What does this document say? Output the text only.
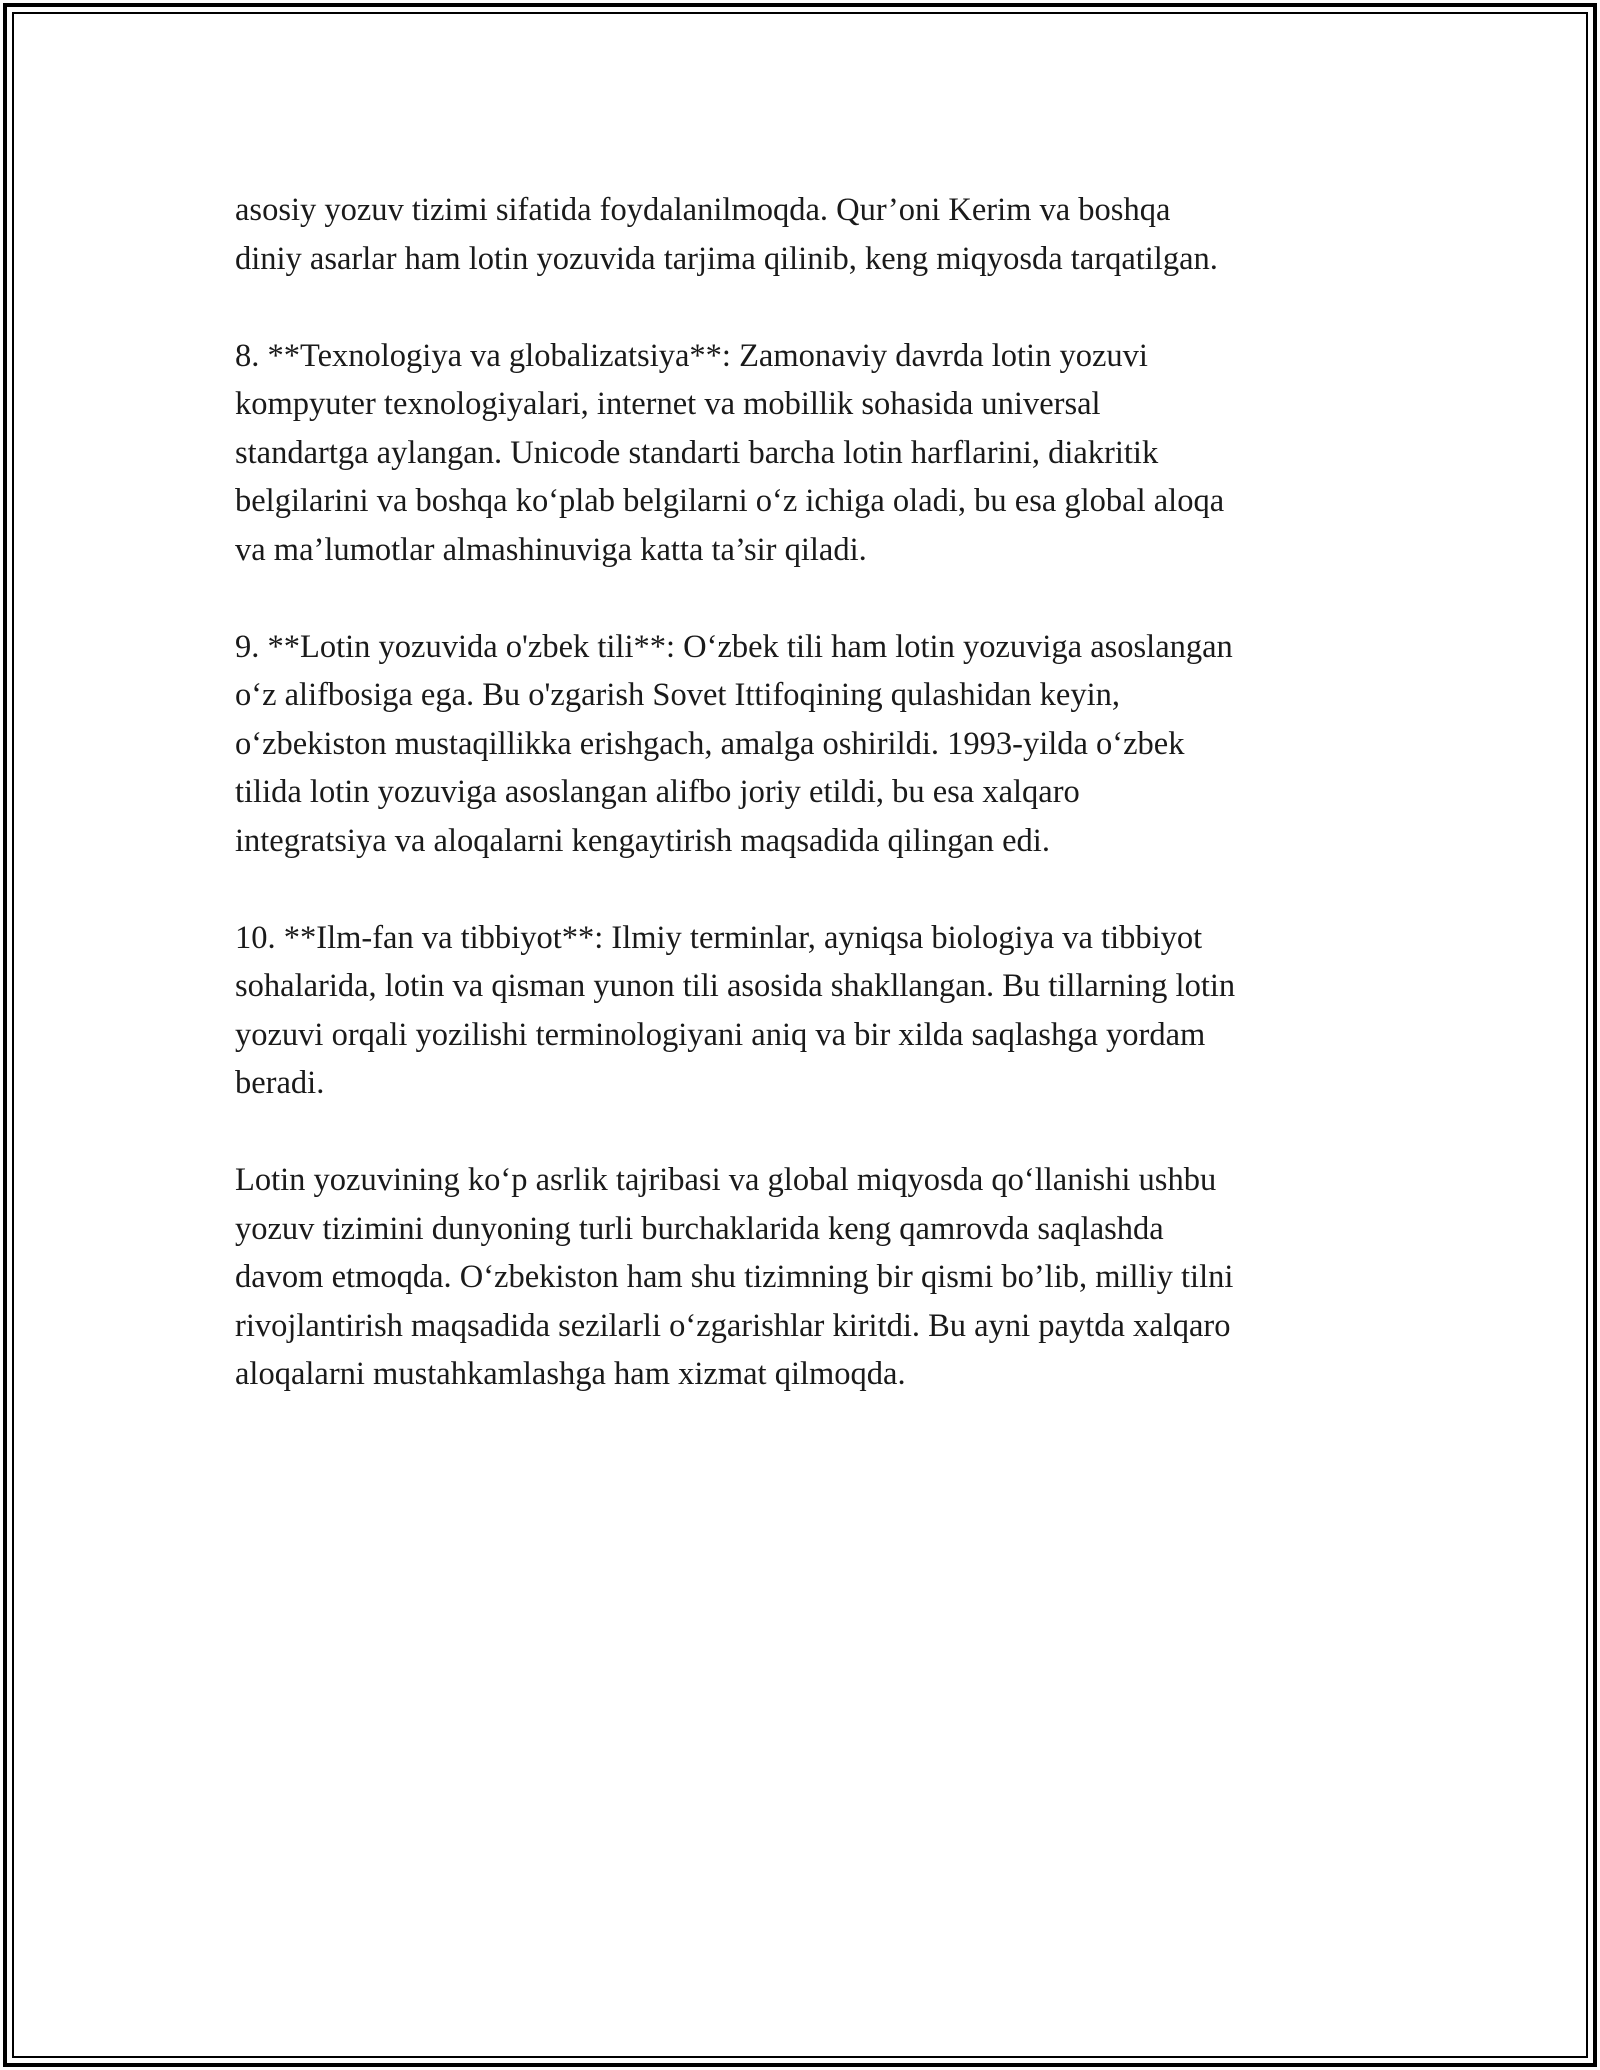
asosiy yozuv tizimi sifatida foydalanilmoqda. Qur’oni Kerim va boshqa
diniy asarlar ham lotin yozuvida tarjima qilinib, keng miqyosda tarqatilgan.

8. **Texnologiya va globalizatsiya**: Zamonaviy davrda lotin yozuvi
kompyuter texnologiyalari, internet va mobillik sohasida universal
standartga aylangan. Unicode standarti barcha lotin harflarini, diakritik
belgilarini va boshqa ko‘plab belgilarni o‘z ichiga oladi, bu esa global aloqa
va ma’lumotlar almashinuviga katta ta’sir qiladi.

9. **Lotin yozuvida o'zbek tili**: O‘zbek tili ham lotin yozuviga asoslangan
o‘z alifbosiga ega. Bu o'zgarish Sovet Ittifoqining qulashidan keyin,
o‘zbekiston mustaqillikka erishgach, amalga oshirildi. 1993-yilda o‘zbek
tilida lotin yozuviga asoslangan alifbo joriy etildi, bu esa xalqaro
integratsiya va aloqalarni kengaytirish maqsadida qilingan edi.

10. **Ilm-fan va tibbiyot**: Ilmiy terminlar, ayniqsa biologiya va tibbiyot
sohalarida, lotin va qisman yunon tili asosida shakllangan. Bu tillarning lotin
yozuvi orqali yozilishi terminologiyani aniq va bir xilda saqlashga yordam
beradi.

Lotin yozuvining ko‘p asrlik tajribasi va global miqyosda qo‘llanishi ushbu
yozuv tizimini dunyoning turli burchaklarida keng qamrovda saqlashda
davom etmoqda. O‘zbekiston ham shu tizimning bir qismi bo’lib, milliy tilni
rivojlantirish maqsadida sezilarli o‘zgarishlar kiritdi. Bu ayni paytda xalqaro
aloqalarni mustahkamlashga ham xizmat qilmoqda.
